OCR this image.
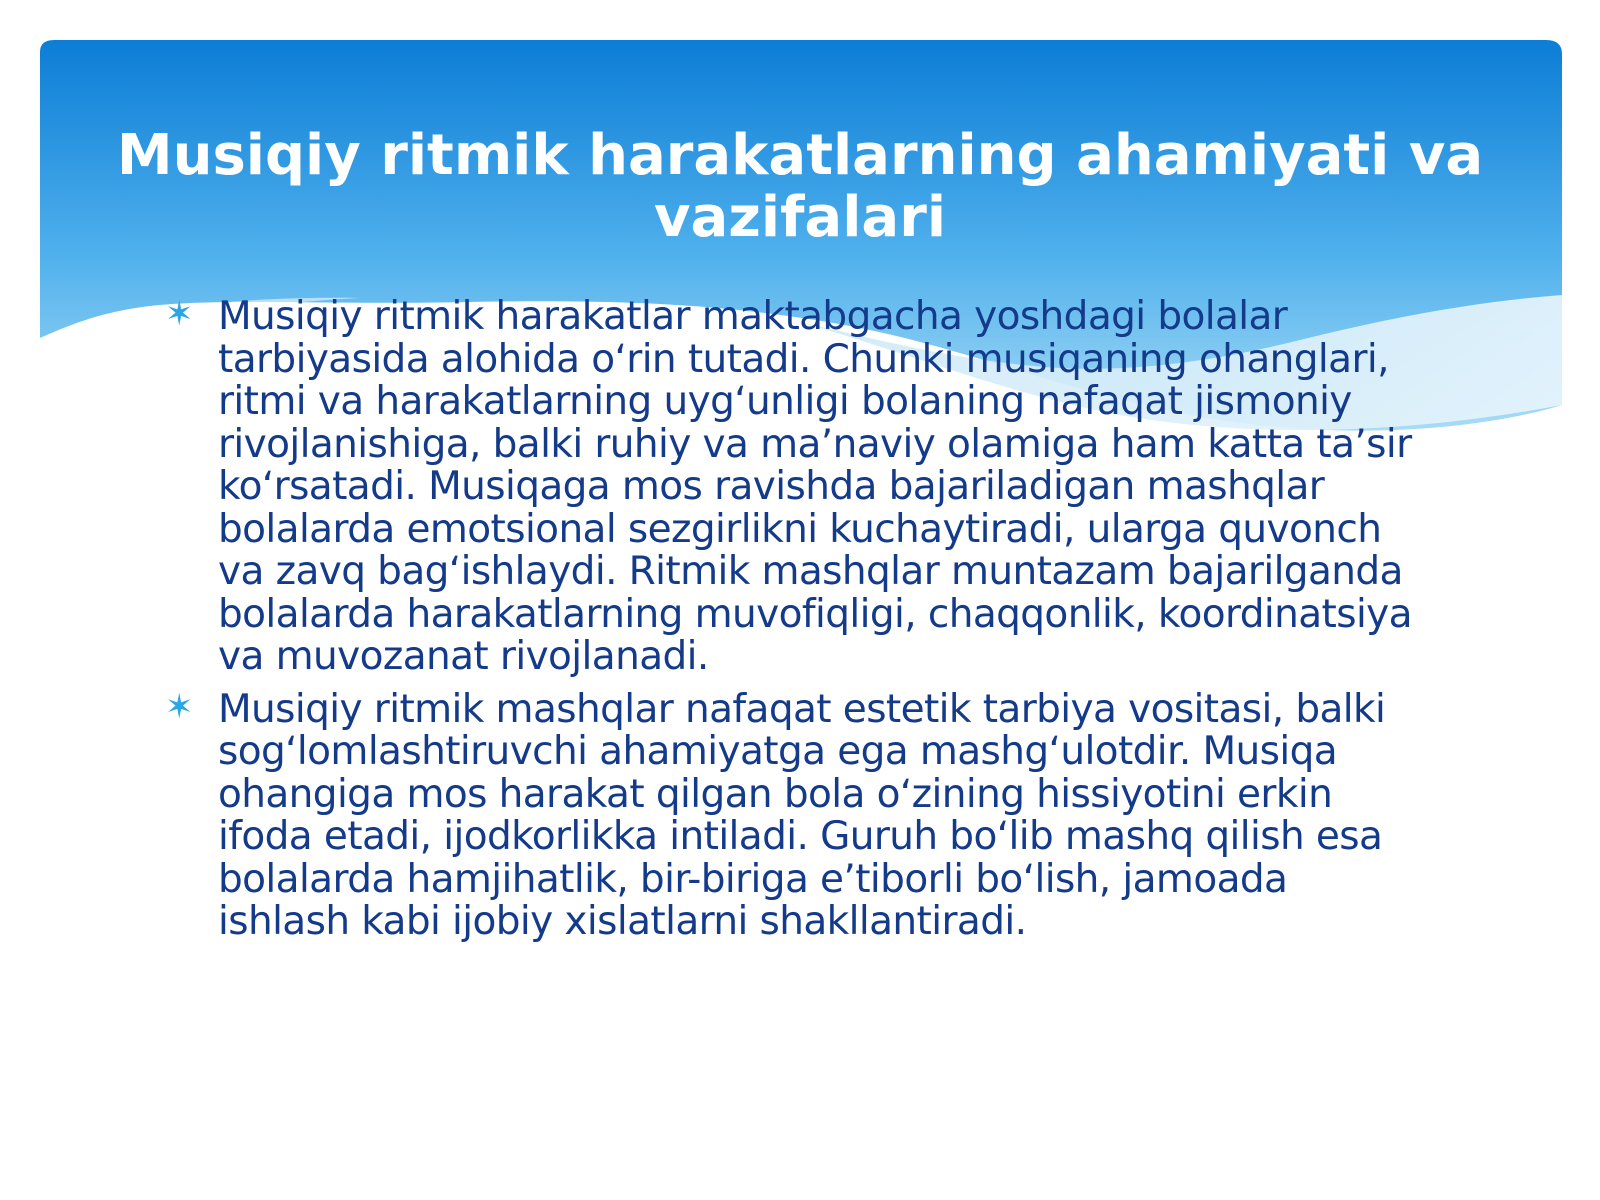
Musiqiy ritmik harakatlarning ahamiyati va vazifalari
✶ Musiqiy ritmik harakatlar maktabgacha yoshdagi bolalar tarbiyasida alohida o‘rin tutadi. Chunki musiqaning ohanglari, ritmi va harakatlarning uyg‘unligi bolaning nafaqat jismoniy rivojlanishiga, balki ruhiy va ma’naviy olamiga ham katta ta’sir ko‘rsatadi. Musiqaga mos ravishda bajariladigan mashqlar bolalarda emotsional sezgirlikni kuchaytiradi, ularga quvonch va zavq bag‘ishlaydi. Ritmik mashqlar muntazam bajarilganda bolalarda harakatlarning muvofiqligi, chaqqonlik, koordinatsiya va muvozanat rivojlanadi.
✶ Musiqiy ritmik mashqlar nafaqat estetik tarbiya vositasi, balki sog‘lomlashtiruvchi ahamiyatga ega mashg‘ulotdir. Musiqa ohangiga mos harakat qilgan bola o‘zining hissiyotini erkin ifoda etadi, ijodkorlikka intiladi. Guruh bo‘lib mashq qilish esa bolalarda hamjihatlik, bir-biriga e’tiborli bo‘lish, jamoada ishlash kabi ijobiy xislatlarni shakllantiradi.
